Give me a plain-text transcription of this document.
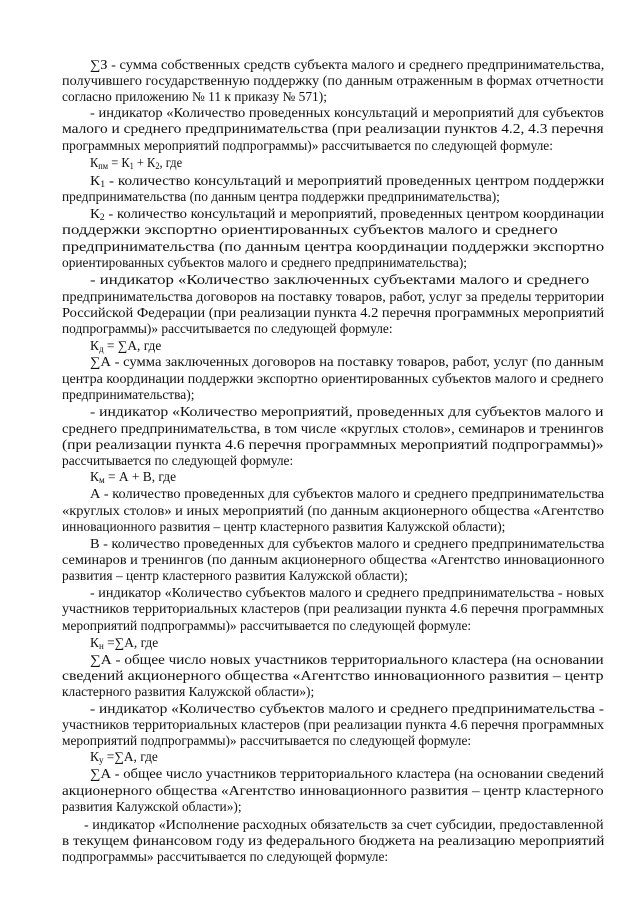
∑З - сумма собственных средств субъекта малого и среднего предпринимательства,
получившего государственную поддержку (по данным отраженным в формах отчетности
согласно приложению № 11 к приказу № 571);
- индикатор «Количество проведенных консультаций и мероприятий для субъектов
малого и среднего предпринимательства (при реализации пунктов 4.2, 4.3 перечня
программных мероприятий подпрограммы)» рассчитывается по следующей формуле:
$К_{пм} = К_1 + К_2$, где
$К_1$ - количество консультаций и мероприятий проведенных центром поддержки
предпринимательства (по данным центра поддержки предпринимательства);
$К_2$ - количество консультаций и мероприятий, проведенных центром координации
поддержки экспортно ориентированных субъектов малого и среднего
предпринимательства (по данным центра координации поддержки экспортно
ориентированных субъектов малого и среднего предпринимательства);
- индикатор «Количество заключенных субъектами малого и среднего
предпринимательства договоров на поставку товаров, работ, услуг за пределы территории
Российской Федерации (при реализации пункта 4.2 перечня программных мероприятий
подпрограммы)» рассчитывается по следующей формуле:
$К_д = \sum А$, где
∑А - сумма заключенных договоров на поставку товаров, работ, услуг (по данным
центра координации поддержки экспортно ориентированных субъектов малого и среднего
предпринимательства);
- индикатор «Количество мероприятий, проведенных для субъектов малого и
среднего предпринимательства, в том числе «круглых столов», семинаров и тренингов
(при реализации пункта 4.6 перечня программных мероприятий подпрограммы)»
рассчитывается по следующей формуле:
$К_м = А + В$, где
А - количество проведенных для субъектов малого и среднего предпринимательства
«круглых столов» и иных мероприятий (по данным акционерного общества «Агентство
инновационного развития – центр кластерного развития Калужской области);
В - количество проведенных для субъектов малого и среднего предпринимательства
семинаров и тренингов (по данным акционерного общества «Агентство инновационного
развития – центр кластерного развития Калужской области);
- индикатор «Количество субъектов малого и среднего предпринимательства - новых
участников территориальных кластеров (при реализации пункта 4.6 перечня программных
мероприятий подпрограммы)» рассчитывается по следующей формуле:
$К_н =\sum А$, где
∑А - общее число новых участников территориального кластера (на основании
сведений акционерного общества «Агентство инновационного развития – центр
кластерного развития Калужской области»);
- индикатор «Количество субъектов малого и среднего предпринимательства -
участников территориальных кластеров (при реализации пункта 4.6 перечня программных
мероприятий подпрограммы)» рассчитывается по следующей формуле:
$К_у =\sum А$, где
∑А - общее число участников территориального кластера (на основании сведений
акционерного общества «Агентство инновационного развития – центр кластерного
развития Калужской области»);
- индикатор «Исполнение расходных обязательств за счет субсидии, предоставленной
в текущем финансовом году из федерального бюджета на реализацию мероприятий
подпрограммы» рассчитывается по следующей формуле:
